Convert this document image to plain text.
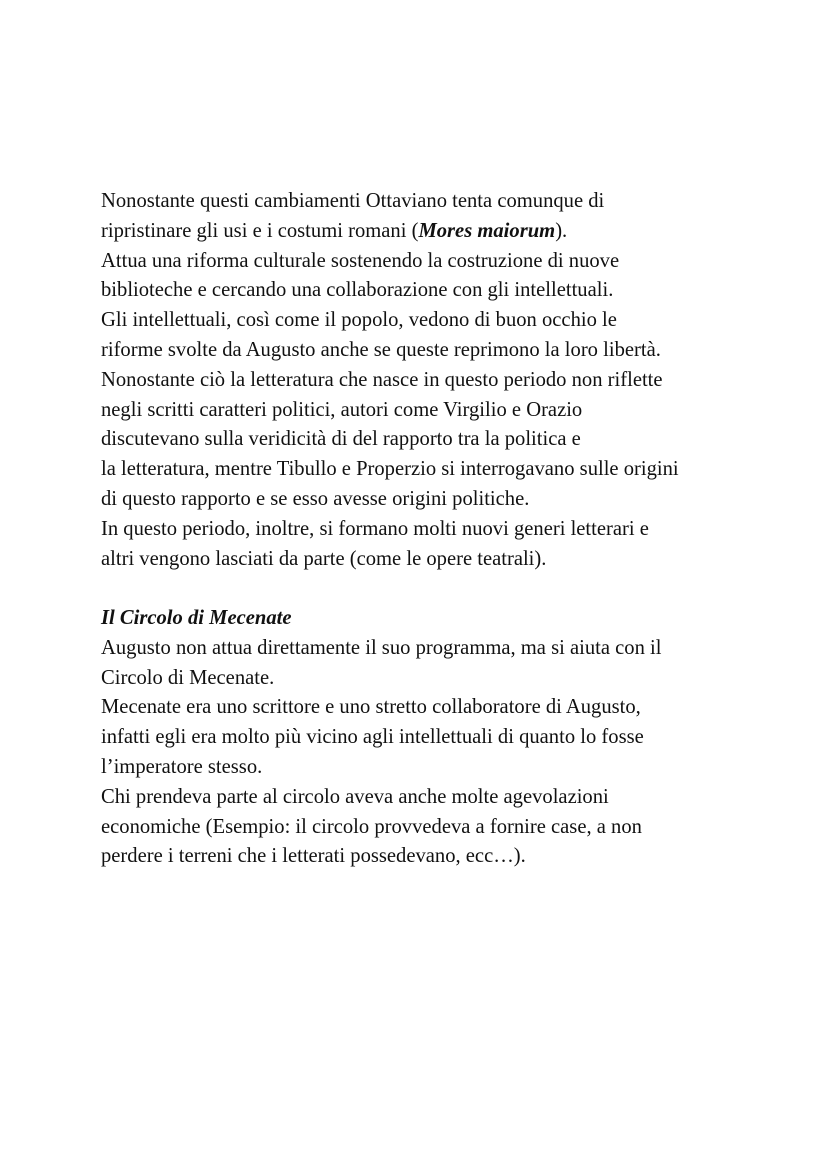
Nonostante questi cambiamenti Ottaviano tenta comunque di
ripristinare gli usi e i costumi romani (Mores maiorum).
Attua una riforma culturale sostenendo la costruzione di nuove
biblioteche e cercando una collaborazione con gli intellettuali.
Gli intellettuali, così come il popolo, vedono di buon occhio le
riforme svolte da Augusto anche se queste reprimono la loro libertà.
Nonostante ciò la letteratura che nasce in questo periodo non riflette
negli scritti caratteri politici, autori come Virgilio e Orazio
discutevano sulla veridicità di del rapporto tra la politica e
la letteratura, mentre Tibullo e Properzio si interrogavano sulle origini
di questo rapporto e se esso avesse origini politiche.
In questo periodo, inoltre, si formano molti nuovi generi letterari e
altri vengono lasciati da parte (come le opere teatrali).
Il Circolo di Mecenate
Augusto non attua direttamente il suo programma, ma si aiuta con il
Circolo di Mecenate.
Mecenate era uno scrittore e uno stretto collaboratore di Augusto,
infatti egli era molto più vicino agli intellettuali di quanto lo fosse
l’imperatore stesso.
Chi prendeva parte al circolo aveva anche molte agevolazioni
economiche (Esempio: il circolo provvedeva a fornire case, a non
perdere i terreni che i letterati possedevano, ecc…).
